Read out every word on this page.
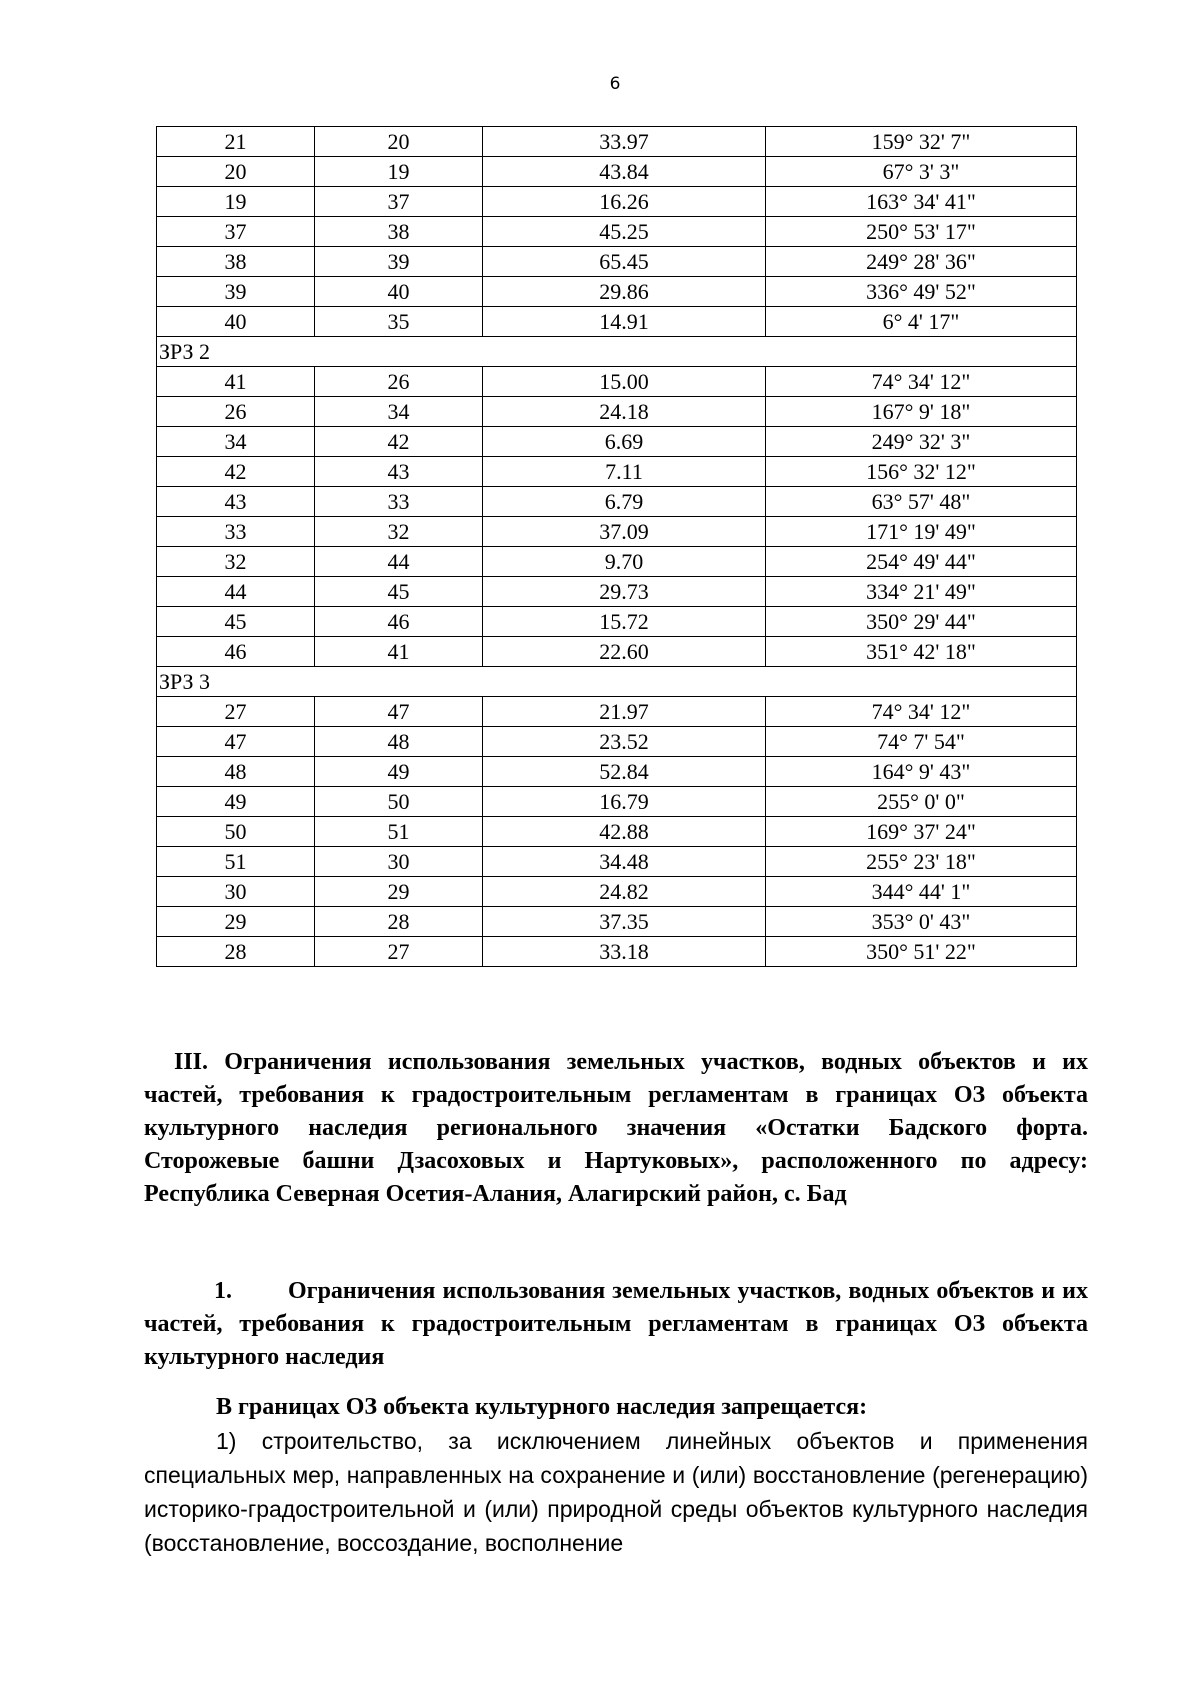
6
21	20	33.97	159° 32' 7"
20	19	43.84	67° 3' 3"
19	37	16.26	163° 34' 41"
37	38	45.25	250° 53' 17"
38	39	65.45	249° 28' 36"
39	40	29.86	336° 49' 52"
40	35	14.91	6° 4' 17"
ЗРЗ 2			
41	26	15.00	74° 34' 12"
26	34	24.18	167° 9' 18"
34	42	6.69	249° 32' 3"
42	43	7.11	156° 32' 12"
43	33	6.79	63° 57' 48"
33	32	37.09	171° 19' 49"
32	44	9.70	254° 49' 44"
44	45	29.73	334° 21' 49"
45	46	15.72	350° 29' 44"
46	41	22.60	351° 42' 18"
ЗРЗ 3			
27	47	21.97	74° 34' 12"
47	48	23.52	74° 7' 54"
48	49	52.84	164° 9' 43"
49	50	16.79	255° 0' 0"
50	51	42.88	169° 37' 24"
51	30	34.48	255° 23' 18"
30	29	24.82	344° 44' 1"
29	28	37.35	353° 0' 43"
28	27	33.18	350° 51' 22"
III. Ограничения использования земельных участков, водных объектов и их частей, требования к градостроительным регламентам в границах ОЗ объекта культурного наследия регионального значения «Остатки Бадского форта. Сторожевые башни Дзасоховых и Нартуковых», расположенного по адресу: Республика Северная Осетия-Алания, Алагирский район, с. Бад
1. Ограничения использования земельных участков, водных объектов и их частей, требования к градостроительным регламентам в границах ОЗ объекта культурного наследия
В границах ОЗ объекта культурного наследия запрещается:
1) строительство, за исключением линейных объектов и применения специальных мер, направленных на сохранение и (или) восстановление (регенерацию) историко-градостроительной и (или) природной среды объектов культурного наследия (восстановление, воссоздание, восполнение
